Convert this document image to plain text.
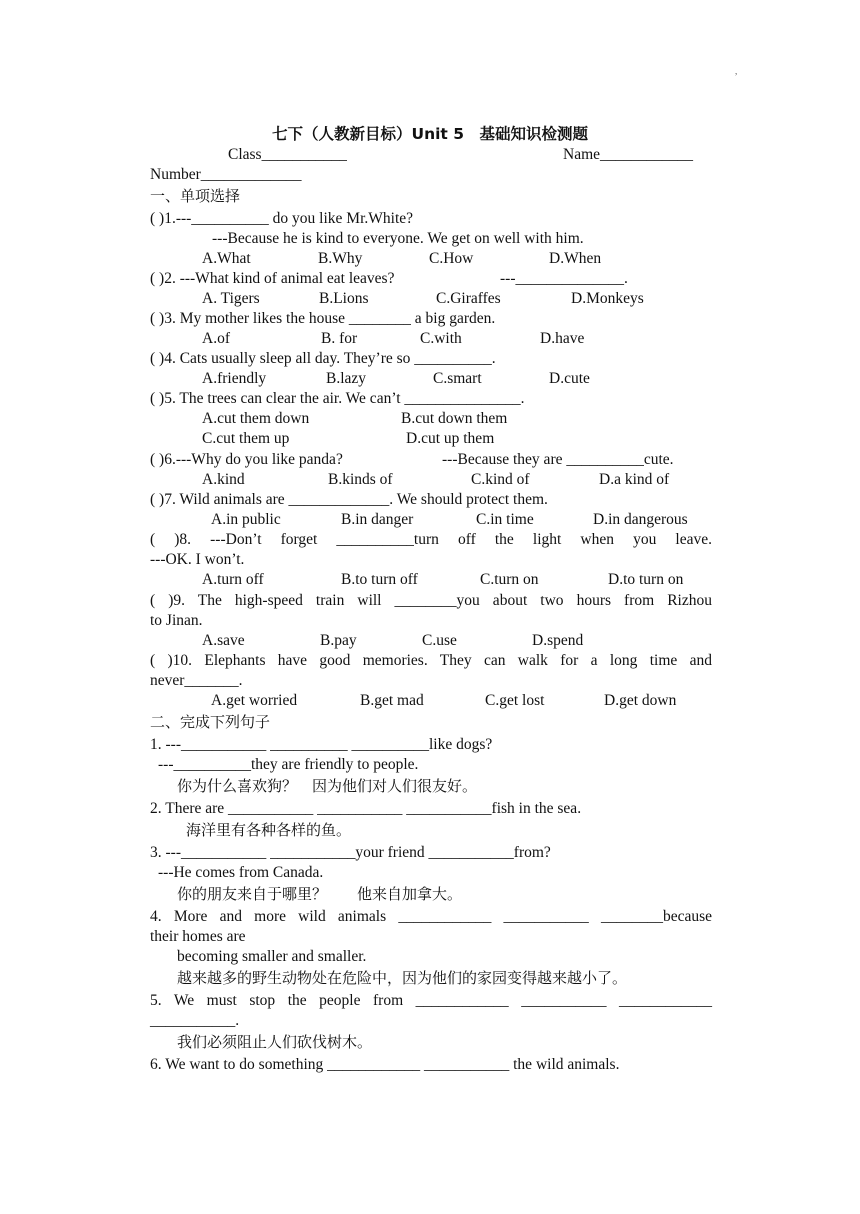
,
七下（人教新目标）Unit 5　基础知识检测题
Class___________	Name____________
Number_____________
一、单项选择
( )1.---__________ do you like Mr.White?
---Because he is kind to everyone. We get on well with him.
A.What	B.Why	C.How	D.When
( )2. ---What kind of animal eat leaves?	---______________.
A. Tigers	B.Lions	C.Giraffes	D.Monkeys
( )3. My mother likes the house ________ a big garden.
A.of	B. for	C.with	D.have
( )4. Cats usually sleep all day. They’re so __________.
A.friendly	B.lazy	C.smart	D.cute
( )5. The trees can clear the air. We can’t _______________.
A.cut them down	B.cut down them
C.cut them up	D.cut up them
( )6.---Why do you like panda?	---Because they are __________cute.
A.kind	B.kinds of	C.kind of	D.a kind of
( )7. Wild animals are _____________. We should protect them.
A.in public	B.in danger	C.in time	D.in dangerous
( )8. ---Don’t forget __________turn off the light when you leave.
---OK. I won’t.
A.turn off	B.to turn off	C.turn on	D.to turn on
( )9. The high-speed train will ________you about two hours from Rizhou
to Jinan.
A.save	B.pay	C.use	D.spend
( )10. Elephants have good memories. They can walk for a long time and
never_______.
A.get worried	B.get mad	C.get lost	D.get down
二、完成下列句子
1. ---___________ __________ __________like dogs?
---__________they are friendly to people.
你为什么喜欢狗？　因为他们对人们很友好。
2. There are ___________ ___________ ___________fish in the sea.
海洋里有各种各样的鱼。
3. ---___________ ___________your friend ___________from?
---He comes from Canada.
你的朋友来自于哪里？　　他来自加拿大。
4. More and more wild animals ____________ ___________ ________because
their homes are
becoming smaller and smaller.
越来越多的野生动物处在危险中，因为他们的家园变得越来越小了。
5. We must stop the people from ____________ ___________ ____________
___________.
我们必须阻止人们砍伐树木。
6. We want to do something ____________ ___________ the wild animals.
